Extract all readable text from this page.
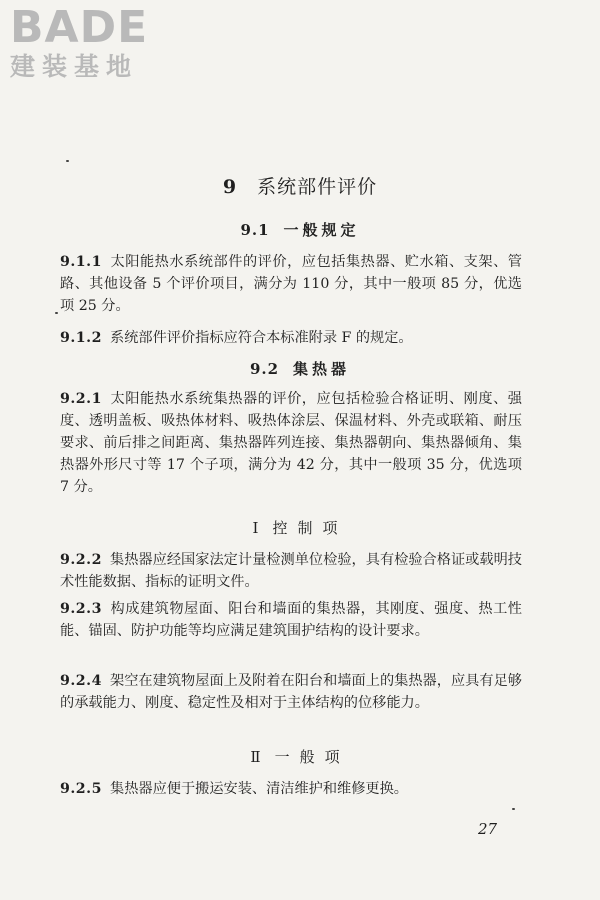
BADE
建装基地
9 系统部件评价
9.1 一般规定

9.1.1 太阳能热水系统部件的评价，应包括集热器、贮水箱、支架、管路、其他设备 5 个评价项目，满分为 110 分，其中一般项 85 分，优选项 25 分。

9.1.2 系统部件评价指标应符合本标准附录 F 的规定。

9.2 集热器

9.2.1 太阳能热水系统集热器的评价，应包括检验合格证明、刚度、强度、透明盖板、吸热体材料、吸热体涂层、保温材料、外壳或联箱、耐压要求、前后排之间距离、集热器阵列连接、集热器朝向、集热器倾角、集热器外形尺寸等 17 个子项，满分为 42 分，其中一般项 35 分，优选项 7 分。

Ⅰ 控制项

9.2.2 集热器应经国家法定计量检测单位检验，具有检验合格证或载明技术性能数据、指标的证明文件。

9.2.3 构成建筑物屋面、阳台和墙面的集热器，其刚度、强度、热工性能、锚固、防护功能等均应满足建筑围护结构的设计要求。

9.2.4 架空在建筑物屋面上及附着在阳台和墙面上的集热器，应具有足够的承载能力、刚度、稳定性及相对于主体结构的位移能力。

Ⅱ 一般项

9.2.5 集热器应便于搬运安装、清洁维护和维修更换。

27
